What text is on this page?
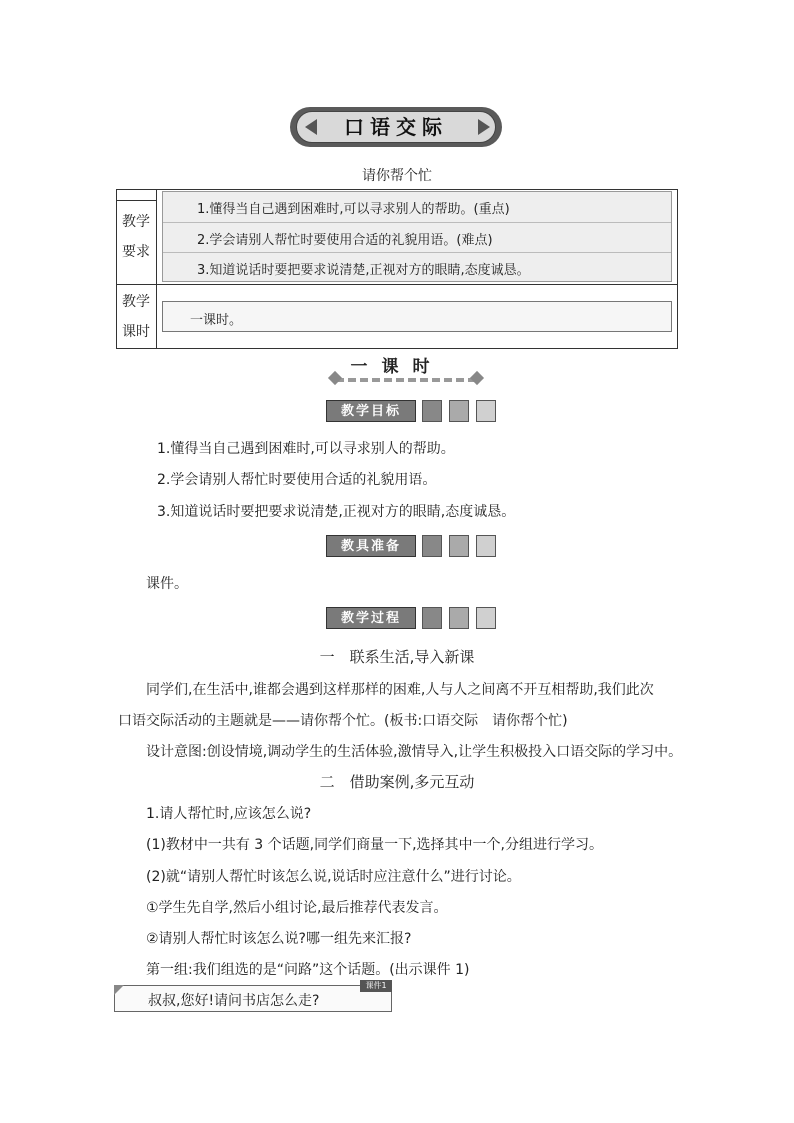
口语交际
请你帮个忙
教学
要求
1.懂得当自己遇到困难时,可以寻求别人的帮助。(重点)
2.学会请别人帮忙时要使用合适的礼貌用语。(难点)
3.知道说话时要把要求说清楚,正视对方的眼睛,态度诚恳。
教学
课时
一课时。
一课时
教学目标
1.懂得当自己遇到困难时,可以寻求别人的帮助。
2.学会请别人帮忙时要使用合适的礼貌用语。
3.知道说话时要把要求说清楚,正视对方的眼睛,态度诚恳。
教具准备
课件。
教学过程
一　联系生活,导入新课
同学们,在生活中,谁都会遇到这样那样的困难,人与人之间离不开互相帮助,我们此次
口语交际活动的主题就是——请你帮个忙。(板书:口语交际　请你帮个忙)
设计意图:创设情境,调动学生的生活体验,激情导入,让学生积极投入口语交际的学习中。
二　借助案例,多元互动
1.请人帮忙时,应该怎么说?
(1)教材中一共有 3 个话题,同学们商量一下,选择其中一个,分组进行学习。
(2)就“请别人帮忙时该怎么说,说话时应注意什么”进行讨论。
①学生先自学,然后小组讨论,最后推荐代表发言。
②请别人帮忙时该怎么说?哪一组先来汇报?
第一组:我们组选的是“问路”这个话题。(出示课件 1)
课件1
叔叔,您好!请问书店怎么走?
